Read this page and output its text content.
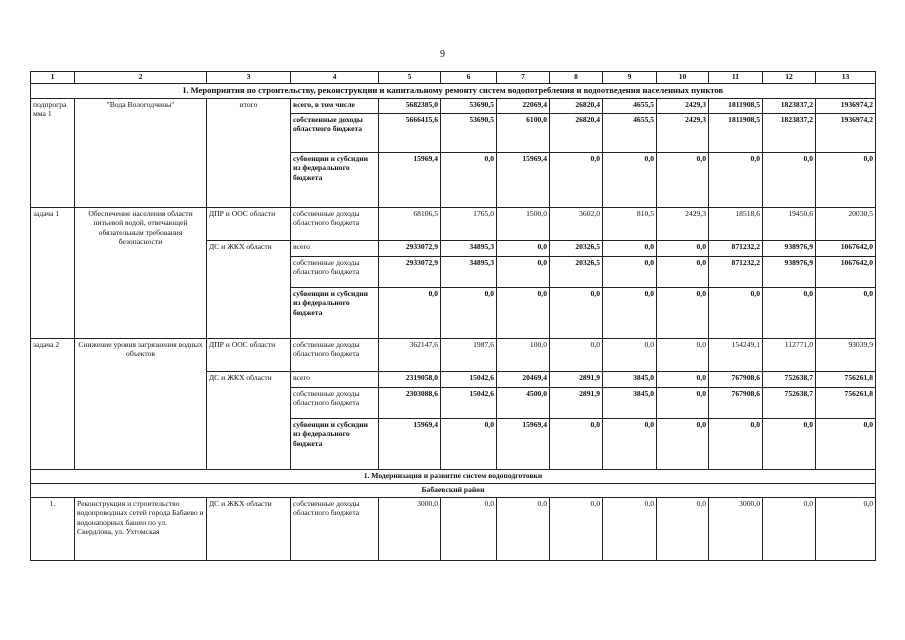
9
1	2	3	4	5	6	7	8	9	10	11	12	13
I. Мероприятия по строительству, реконструкции и капитальному ремонту систем водопотребления и водоотведения населенных пунктов												
подпрогра мма 1	"Вода Вологодчины"	итого	всего, в том числе	5682385,0	53690,5	22069,4	26820,4	4655,5	2429,3	1811908,5	1823837,2	1936974,2
			собственные доходы областного бюджета	5666415,6	53690,5	6100,0	26820,4	4655,5	2429,3	1811908,5	1823837,2	1936974,2
			субвенции и субсидии из федерального бюджета	15969,4	0,0	15969,4	0,0	0,0	0,0	0,0	0,0	0,0
задача 1	Обеспечение населения области питьевой водой, отвечающей обязательным требования безопасности	ДПР и ООС области	собственные доходы областного бюджета	68106,5	1765,0	1500,0	3602,0	810,5	2429,3	18518,6	19450,6	20030,5
		ДС и ЖКХ области	всего	2933072,9	34895,3	0,0	20326,5	0,0	0,0	871232,2	938976,9	1067642,0
			собственные доходы областного бюджета	2933072,9	34895,3	0,0	20326,5	0,0	0,0	871232,2	938976,9	1067642,0
			субвенции и субсидии из федерального бюджета	0,0	0,0	0,0	0,0	0,0	0,0	0,0	0,0	0,0
задача 2	Снижение уровня загрязнения водных объектов	ДПР и ООС области	собственные доходы областного бюджета	362147,6	1987,6	100,0	0,0	0,0	0,0	154249,1	112771,0	93039,9
		ДС и ЖКХ области	всего	2319058,0	15042,6	20469,4	2891,9	3845,0	0,0	767908,6	752638,7	756261,8
			собственные доходы областного бюджета	2303088,6	15042,6	4500,0	2891,9	3845,0	0,0	767908,6	752638,7	756261,8
			субвенции и субсидии из федерального бюджета	15969,4	0,0	15969,4	0,0	0,0	0,0	0,0	0,0	0,0
1. Модернизация и развитие систем водоподготовки												
Бабаевский район												
1.	Реконструкция и строительство водопроводных сетей города Бабаево и водонапорных башен по ул. Свердлова, ул. Ухтомская	ДС и ЖКХ области	собственные доходы областного бюджета	3000,0	0,0	0,0	0,0	0,0	0,0	3000,0	0,0	0,0
